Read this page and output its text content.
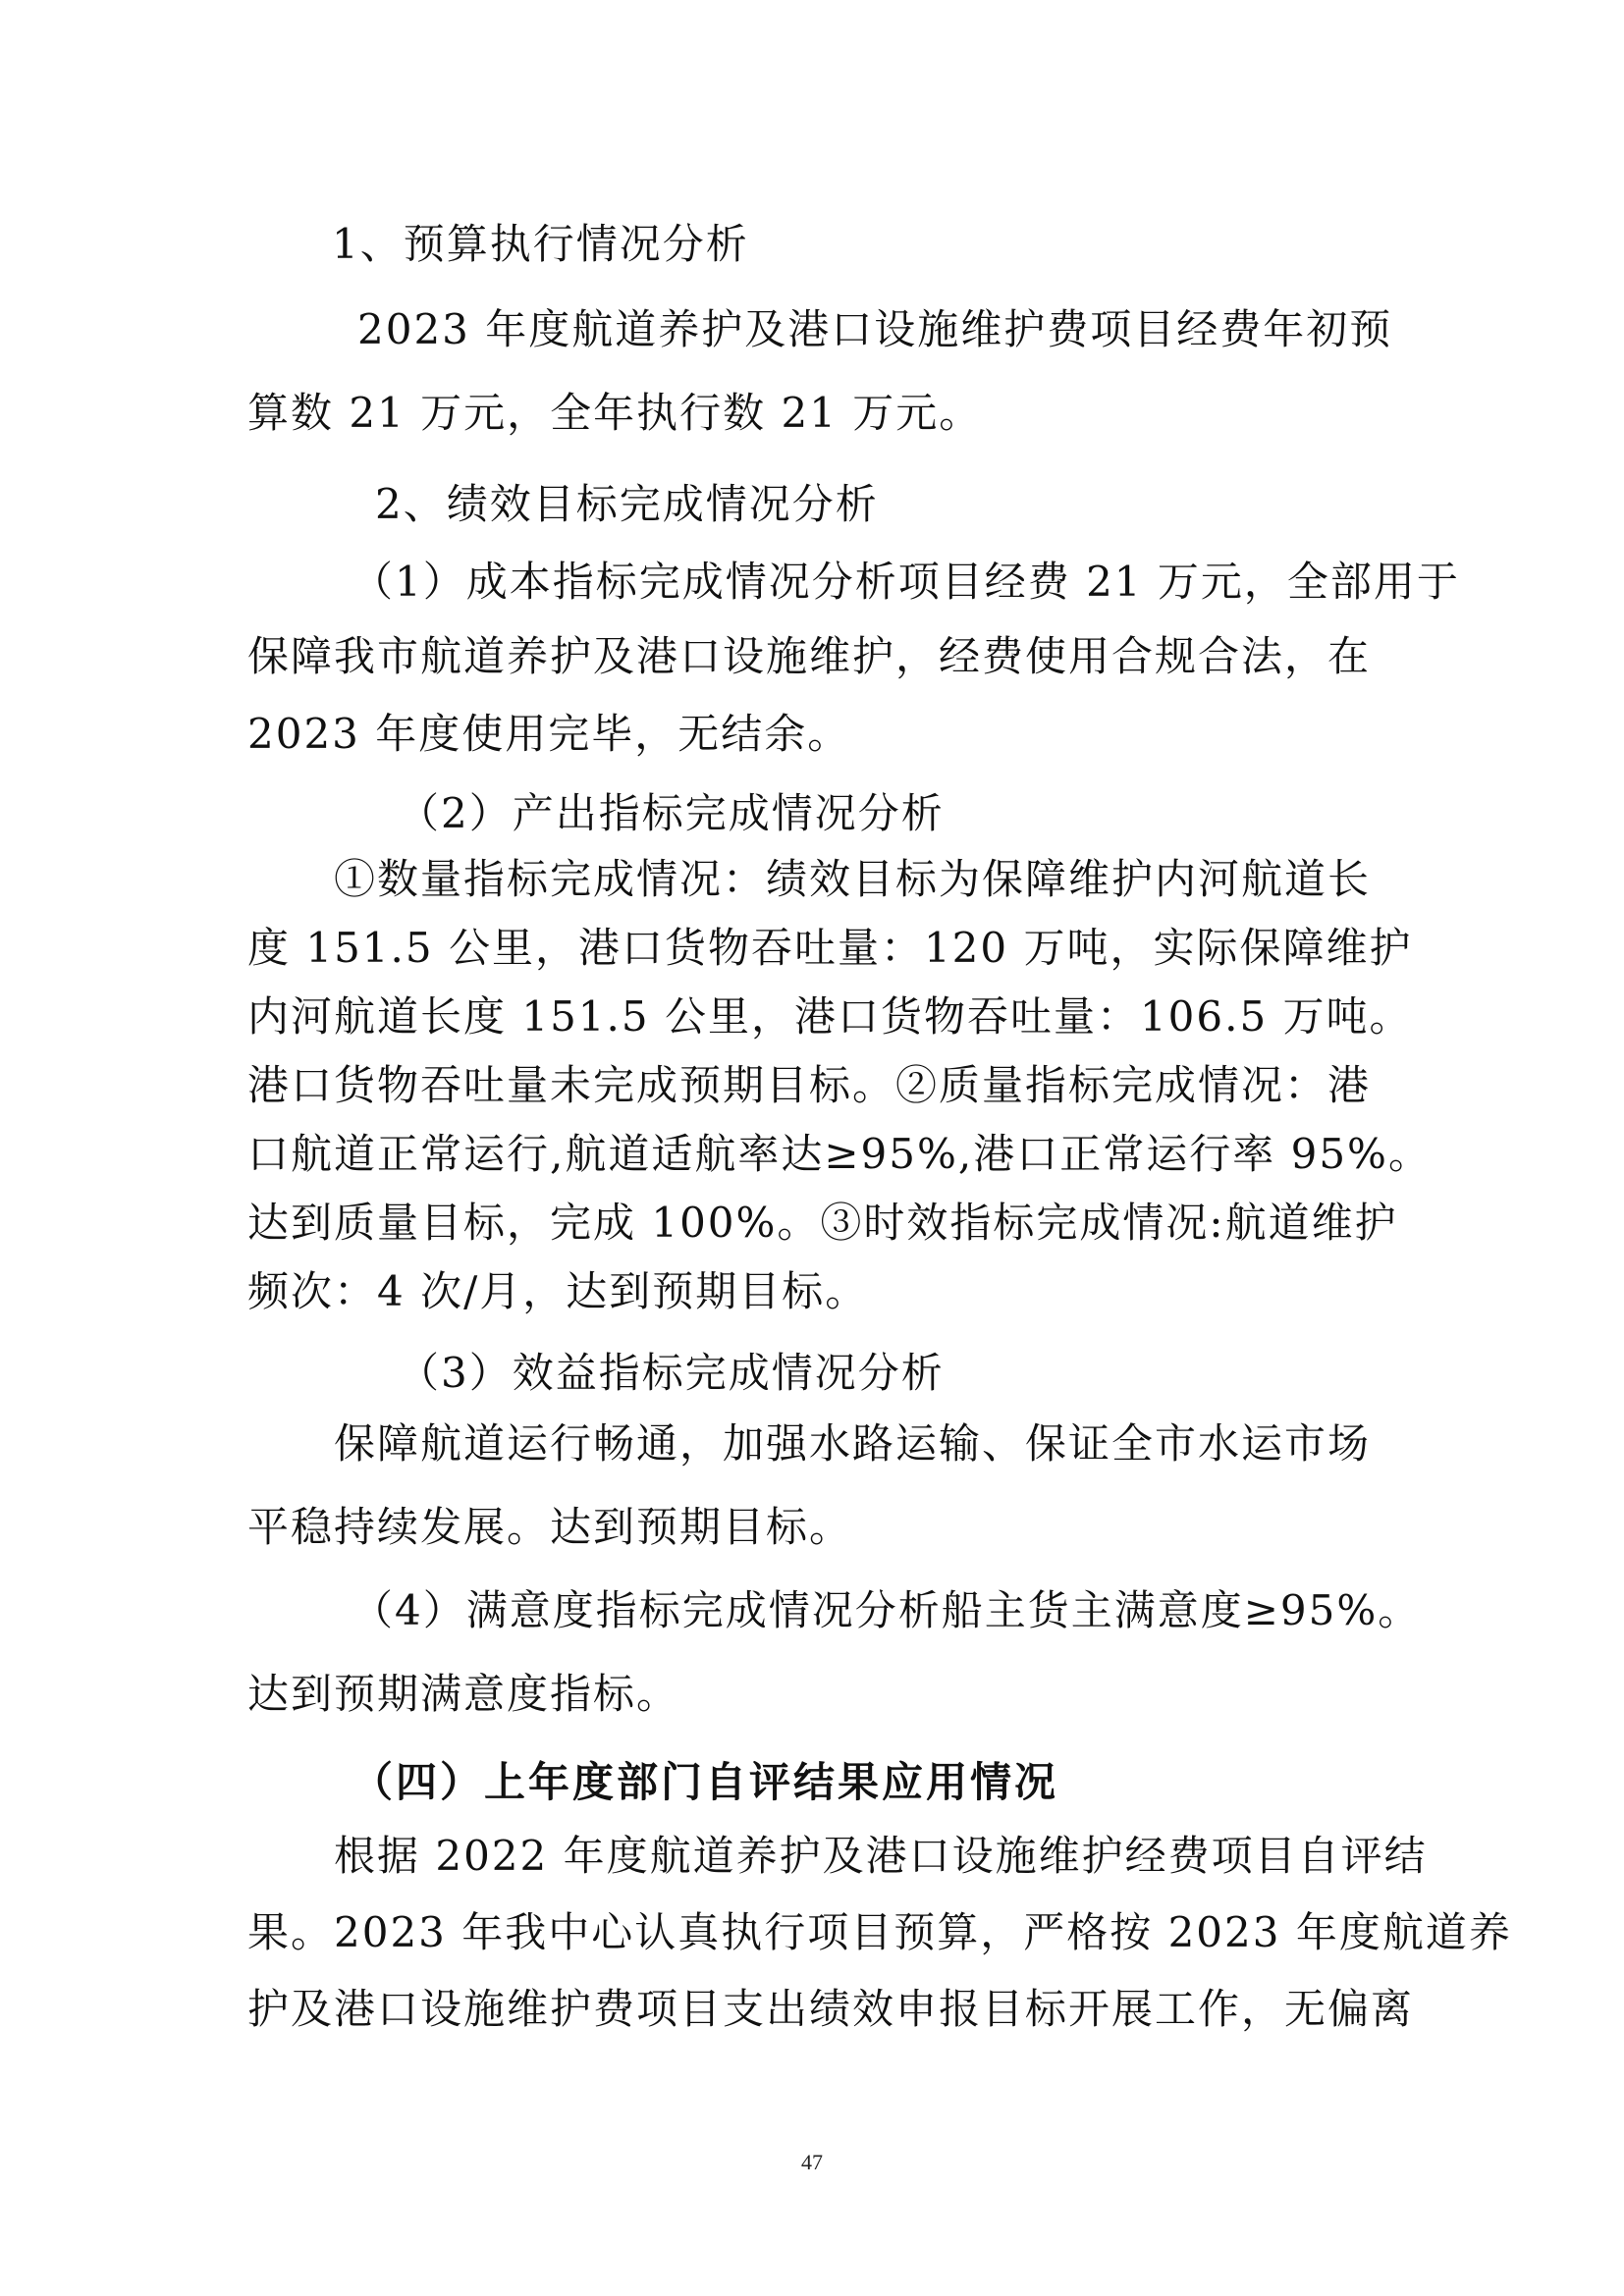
1、预算执行情况分析
2023 年度航道养护及港口设施维护费项目经费年初预
算数 21 万元，全年执行数 21 万元。
2、绩效目标完成情况分析
（1）成本指标完成情况分析项目经费 21 万元，全部用于
保障我市航道养护及港口设施维护，经费使用合规合法，在
2023 年度使用完毕，无结余。
（2）产出指标完成情况分析
①数量指标完成情况：绩效目标为保障维护内河航道长
度 151.5 公里，港口货物吞吐量：120 万吨，实际保障维护
内河航道长度 151.5 公里，港口货物吞吐量：106.5 万吨。
港口货物吞吐量未完成预期目标。②质量指标完成情况：港
口航道正常运行,航道适航率达≥95%,港口正常运行率 95%。
达到质量目标，完成 100%。③时效指标完成情况:航道维护
频次：4 次/月，达到预期目标。
（3）效益指标完成情况分析
保障航道运行畅通，加强水路运输、保证全市水运市场
平稳持续发展。达到预期目标。
（4）满意度指标完成情况分析船主货主满意度≥95%。
达到预期满意度指标。
（四）上年度部门自评结果应用情况
根据 2022 年度航道养护及港口设施维护经费项目自评结
果。2023 年我中心认真执行项目预算，严格按 2023 年度航道养
护及港口设施维护费项目支出绩效申报目标开展工作，无偏离
47
